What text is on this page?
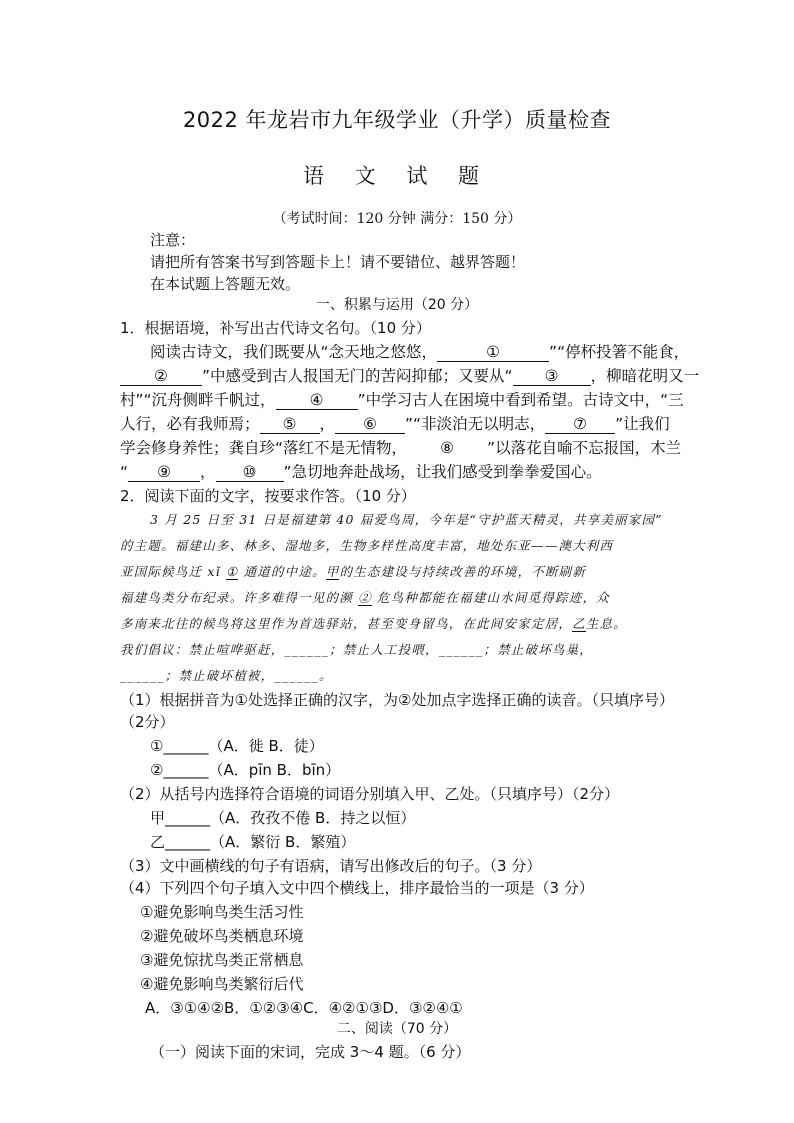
2022 年龙岩市九年级学业（升学）质量检查
语 文 试 题
（考试时间：120 分钟 满分：150 分）
注意：
请把所有答案书写到答题卡上！请不要错位、越界答题！
在本试题上答题无效。
一、积累与运用（20 分）
1．根据语境，补写出古代诗文名句。（10 分）
阅读古诗文，我们既要从“念天地之悠悠，	①	”“停杯投箸不能食，
② ”中感受到古人报国无门的苦闷抑郁；又要从“ ③ ，柳暗花明又一
村”“沉舟侧畔千帆过， ④ ”中学习古人在困境中看到希望。古诗文中，“三
人行，必有我师焉； ⑤ ， ⑥ ”“非淡泊无以明志， ⑦ ”让我们
学会修身养性；龚自珍“落红不是无情物， ⑧ ”以落花自喻不忘报国，木兰
“ ⑨ ， ⑩ ”急切地奔赴战场，让我们感受到拳拳爱国心。
2．阅读下面的文字，按要求作答。（10 分）
3 月 25 日至 31 日是福建第 40 届爱鸟周，今年是“守护蓝天精灵，共享美丽家园”
的主题。福建山多、林多、湿地多，生物多样性高度丰富，地处东亚——澳大利西
亚国际候鸟迁 xǐ ① 通道的中途。甲的生态建设与持续改善的环境，不断刷新
福建鸟类分布纪录。许多难得一见的濒 ② 危鸟种都能在福建山水间觅得踪迹，众
多南来北往的候鸟将这里作为首选驿站，甚至变身留鸟，在此间安家定居，乙生息。
我们倡议：禁止喧哗驱赶，______；禁止人工投喂，______；禁止破坏鸟巢，
______；禁止破坏植被，______。
（1）根据拼音为①处选择正确的汉字，为②处加点字选择正确的读音。（只填序号）
（2分）
①______（A．徙 B．徒）
②______（A．pīn B．bīn）
（2）从括号内选择符合语境的词语分别填入甲、乙处。（只填序号）（2分）
甲______（A．孜孜不倦 B．持之以恒）
乙______（A．繁衍 B．繁殖）
（3）文中画横线的句子有语病，请写出修改后的句子。（3 分）
（4）下列四个句子填入文中四个横线上，排序最恰当的一项是（3 分）
①避免影响鸟类生活习性
②避免破坏鸟类栖息环境
③避免惊扰鸟类正常栖息
④避免影响鸟类繁衍后代
A．③①④②B．①②③④C．④②①③D．③②④①
二、阅读（70 分）
（一）阅读下面的宋词，完成 3～4 题。（6 分）
